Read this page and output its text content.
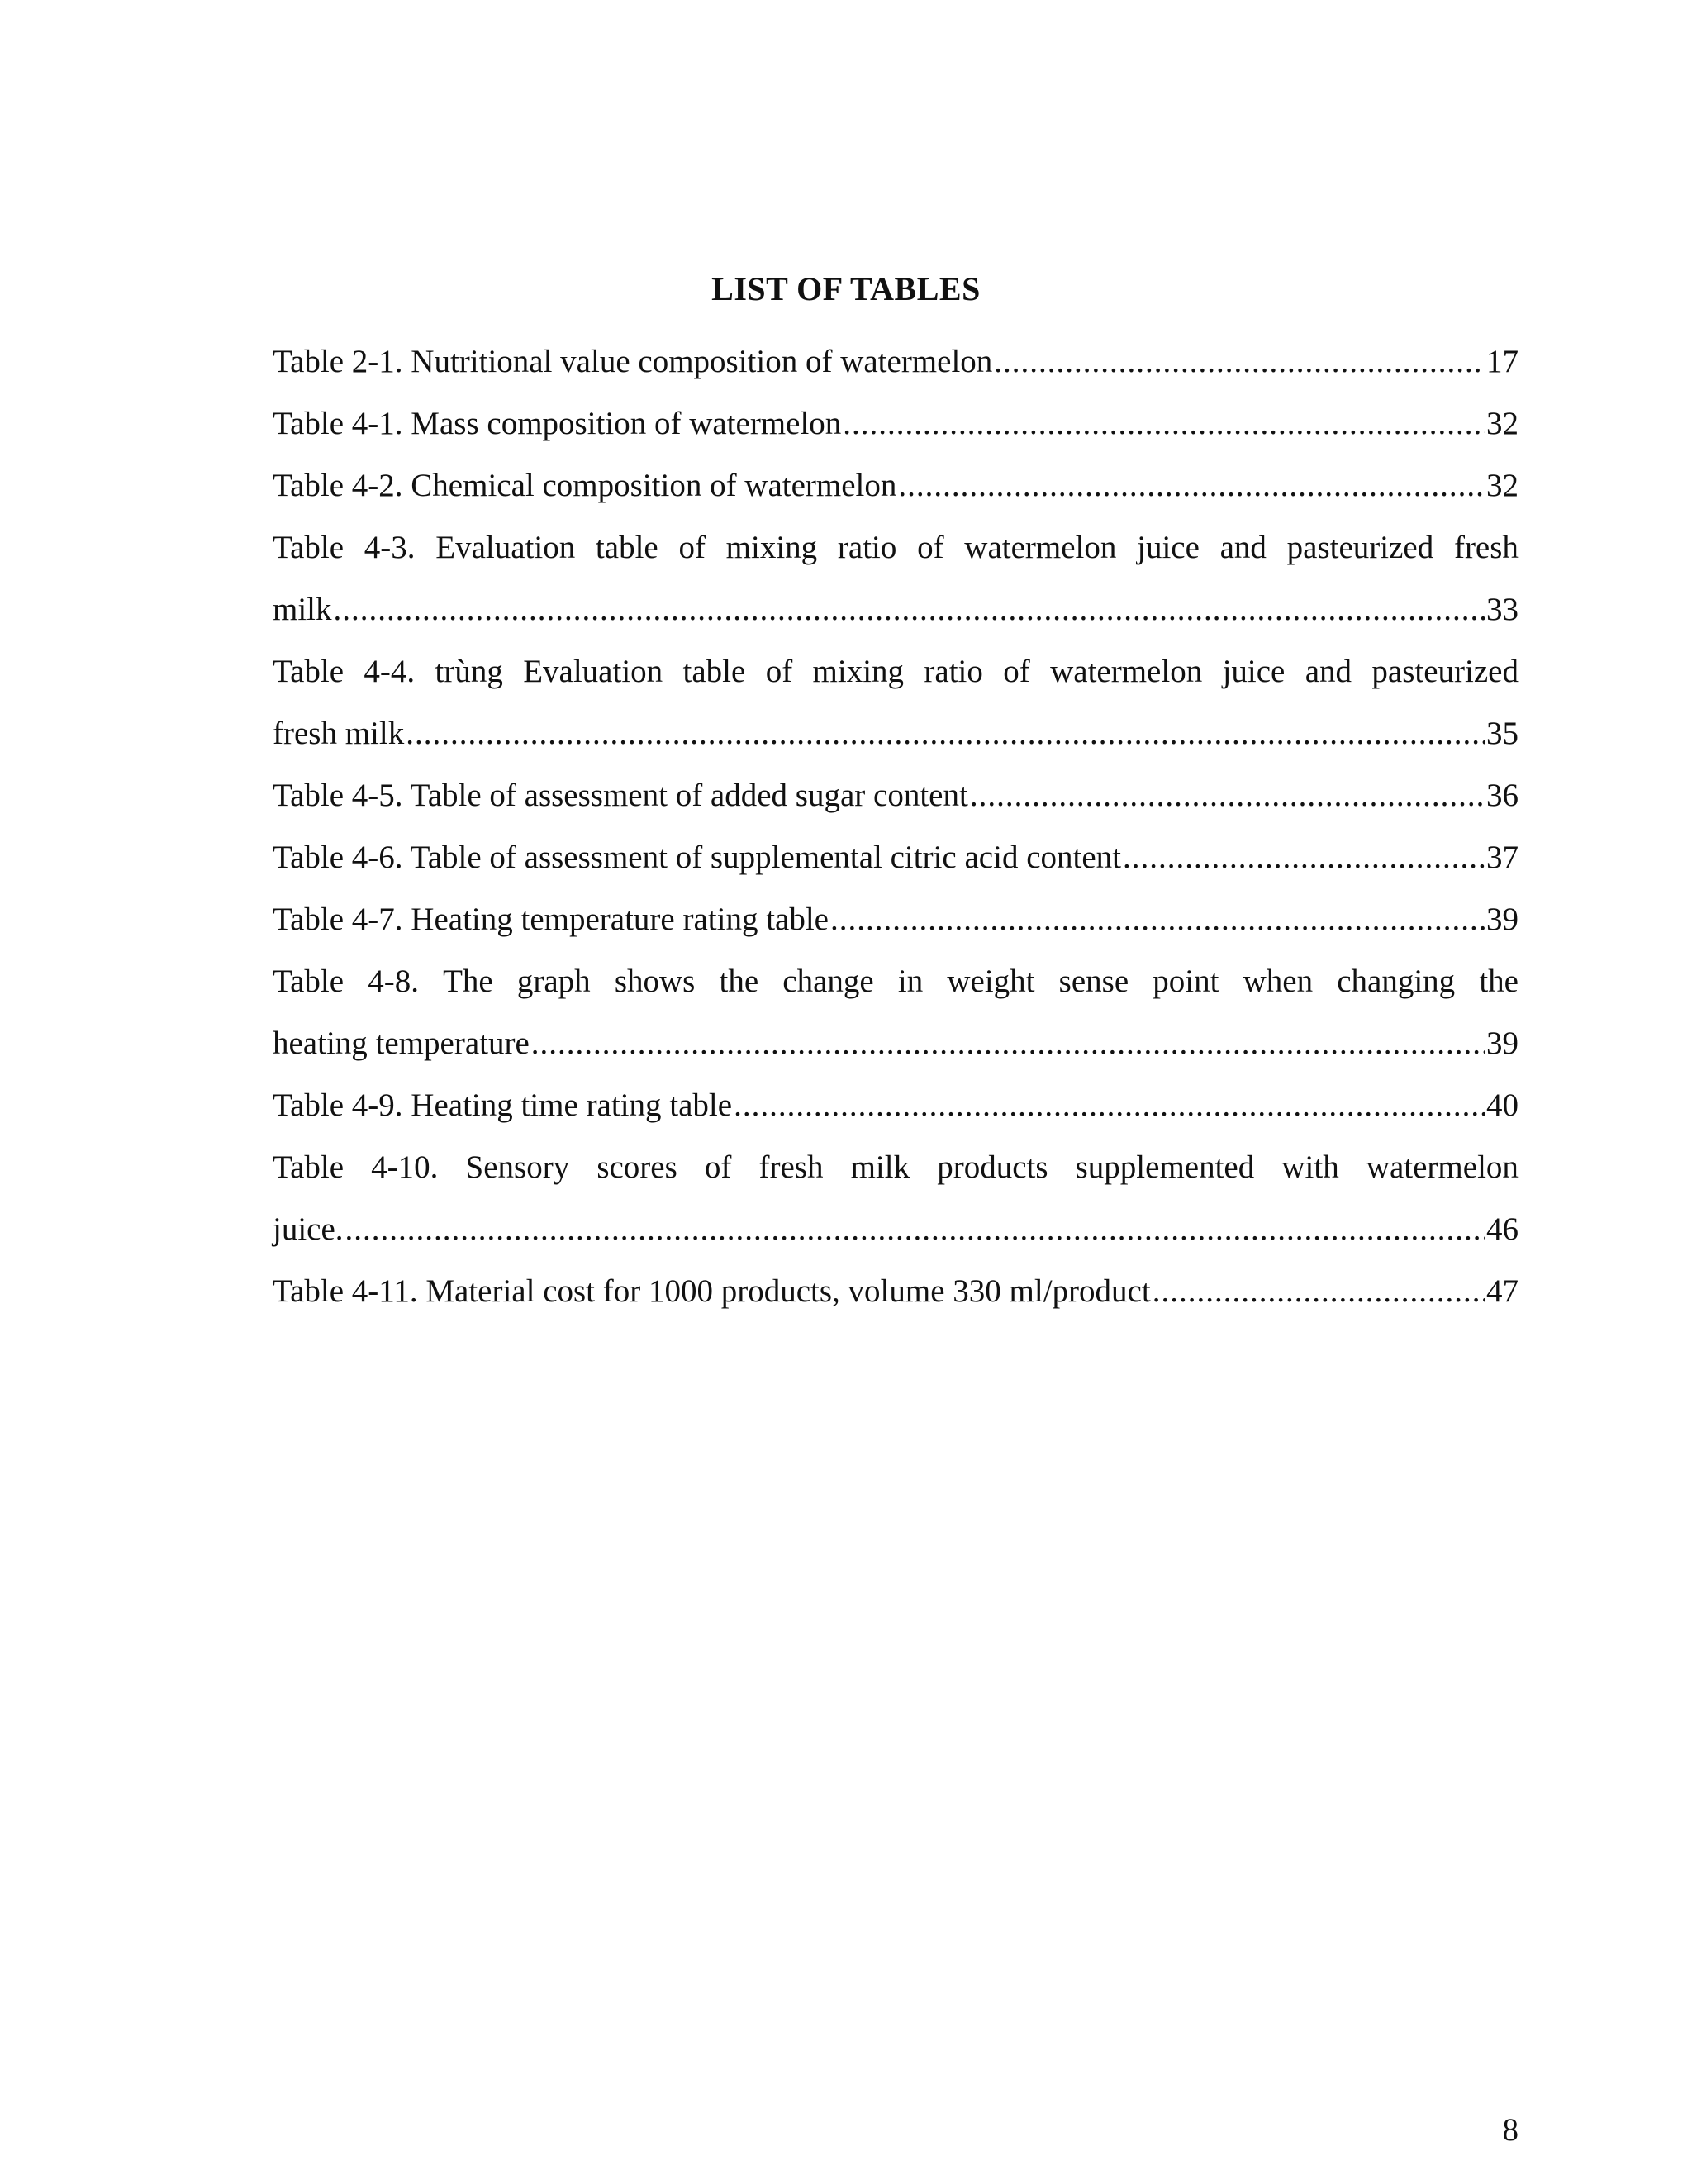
LIST OF TABLES
Table 2-1. Nutritional value composition of watermelon .....	17
Table 4-1. Mass composition of watermelon .....	32
Table 4-2. Chemical composition of watermelon .....	32
Table 4-3. Evaluation table of mixing ratio of watermelon juice and pasteurized fresh
milk .....	33
Table 4-4. trùng Evaluation table of mixing ratio of watermelon juice and pasteurized
fresh milk .....	35
Table 4-5. Table of assessment of added sugar content .....	36
Table 4-6. Table of assessment of supplemental citric acid content .....	37
Table 4-7. Heating temperature rating table .....	39
Table 4-8. The graph shows the change in weight sense point when changing the
heating temperature .....	39
Table 4-9. Heating time rating table .....	40
Table 4-10. Sensory scores of fresh milk products supplemented with watermelon
juice. .....	46
Table 4-11. Material cost for 1000 products, volume 330 ml/product .....	47
8
